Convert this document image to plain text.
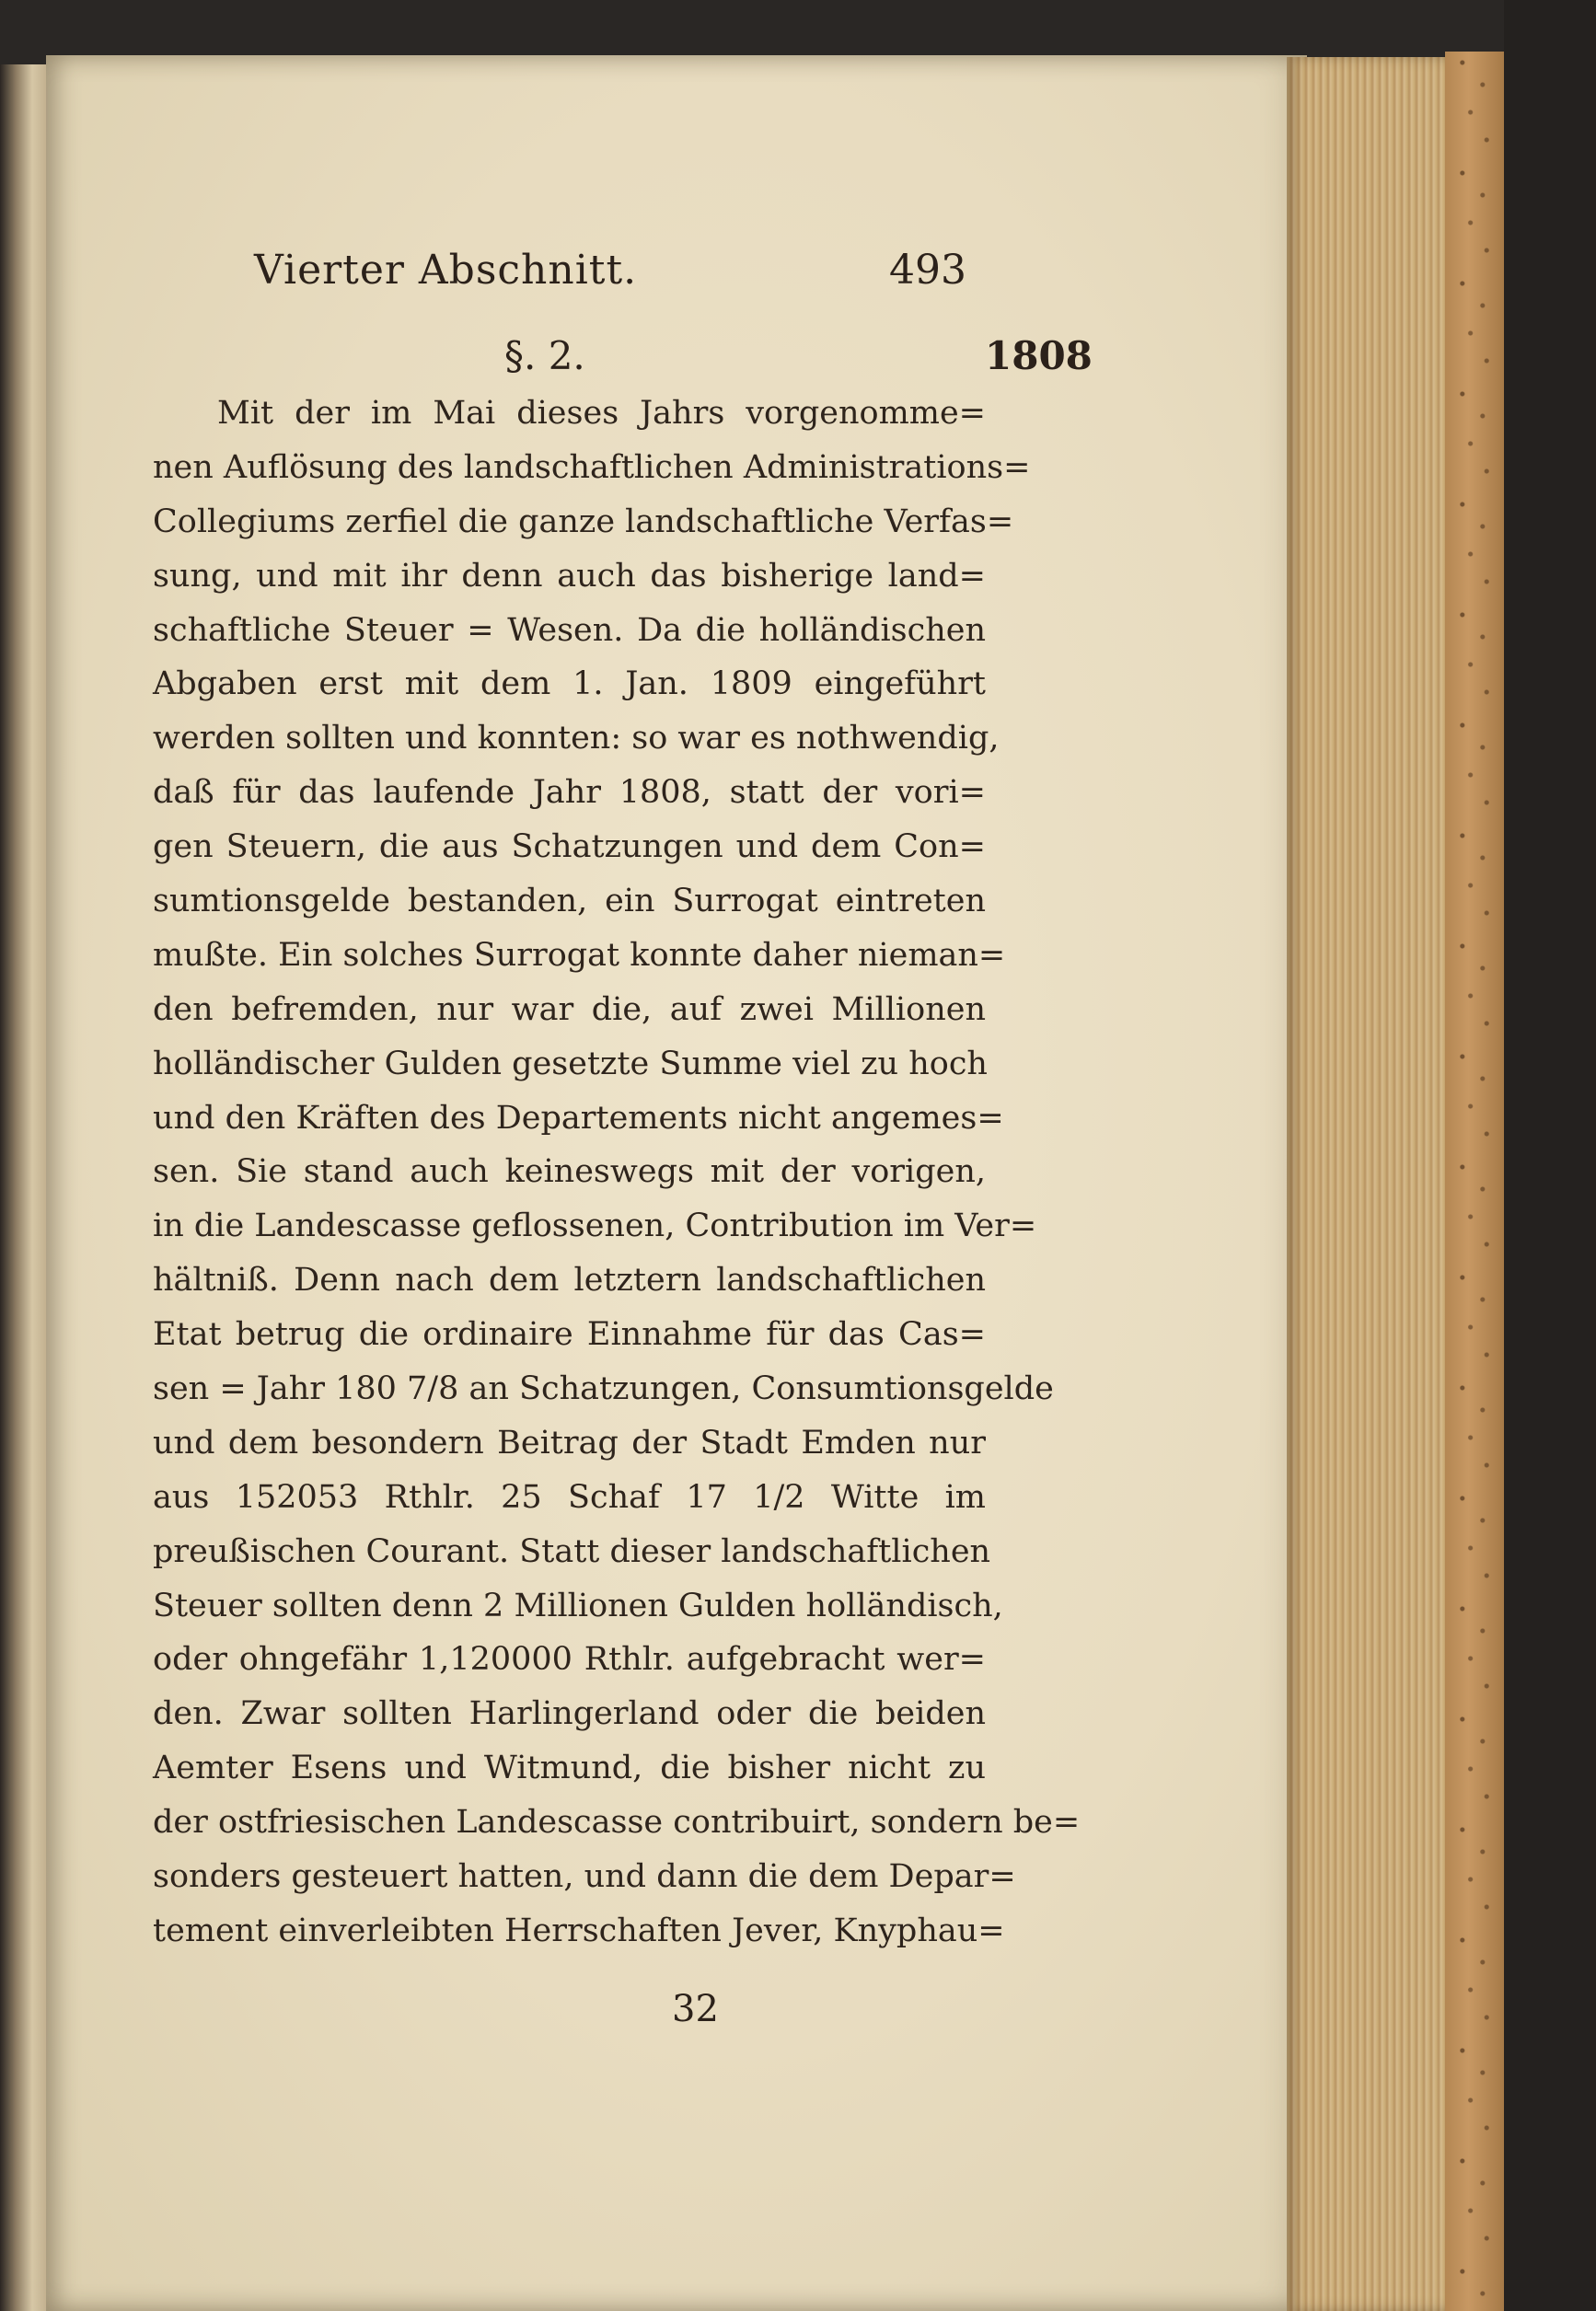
Vierter Abschnitt.	493
§. 2.	1808
Mit der im Mai dieses Jahrs vorgenomme=
nen Auflösung des landschaftlichen Administrations=
Collegiums zerfiel die ganze landschaftliche Verfas=
sung, und mit ihr denn auch das bisherige land=
schaftliche Steuer = Wesen. Da die holländischen
Abgaben erst mit dem 1. Jan. 1809 eingeführt
werden sollten und konnten: so war es nothwendig,
daß für das laufende Jahr 1808, statt der vori=
gen Steuern, die aus Schatzungen und dem Con=
sumtionsgelde bestanden, ein Surrogat eintreten
mußte. Ein solches Surrogat konnte daher nieman=
den befremden, nur war die, auf zwei Millionen
holländischer Gulden gesetzte Summe viel zu hoch
und den Kräften des Departements nicht angemes=
sen. Sie stand auch keineswegs mit der vorigen,
in die Landescasse geflossenen, Contribution im Ver=
hältniß. Denn nach dem letztern landschaftlichen
Etat betrug die ordinaire Einnahme für das Cas=
sen = Jahr 180 7/8 an Schatzungen, Consumtionsgelde
und dem besondern Beitrag der Stadt Emden nur
aus 152053 Rthlr. 25 Schaf 17 1/2 Witte im
preußischen Courant. Statt dieser landschaftlichen
Steuer sollten denn 2 Millionen Gulden holländisch,
oder ohngefähr 1,120000 Rthlr. aufgebracht wer=
den. Zwar sollten Harlingerland oder die beiden
Aemter Esens und Witmund, die bisher nicht zu
der ostfriesischen Landescasse contribuirt, sondern be=
sonders gesteuert hatten, und dann die dem Depar=
tement einverleibten Herrschaften Jever, Knyphau=
32
